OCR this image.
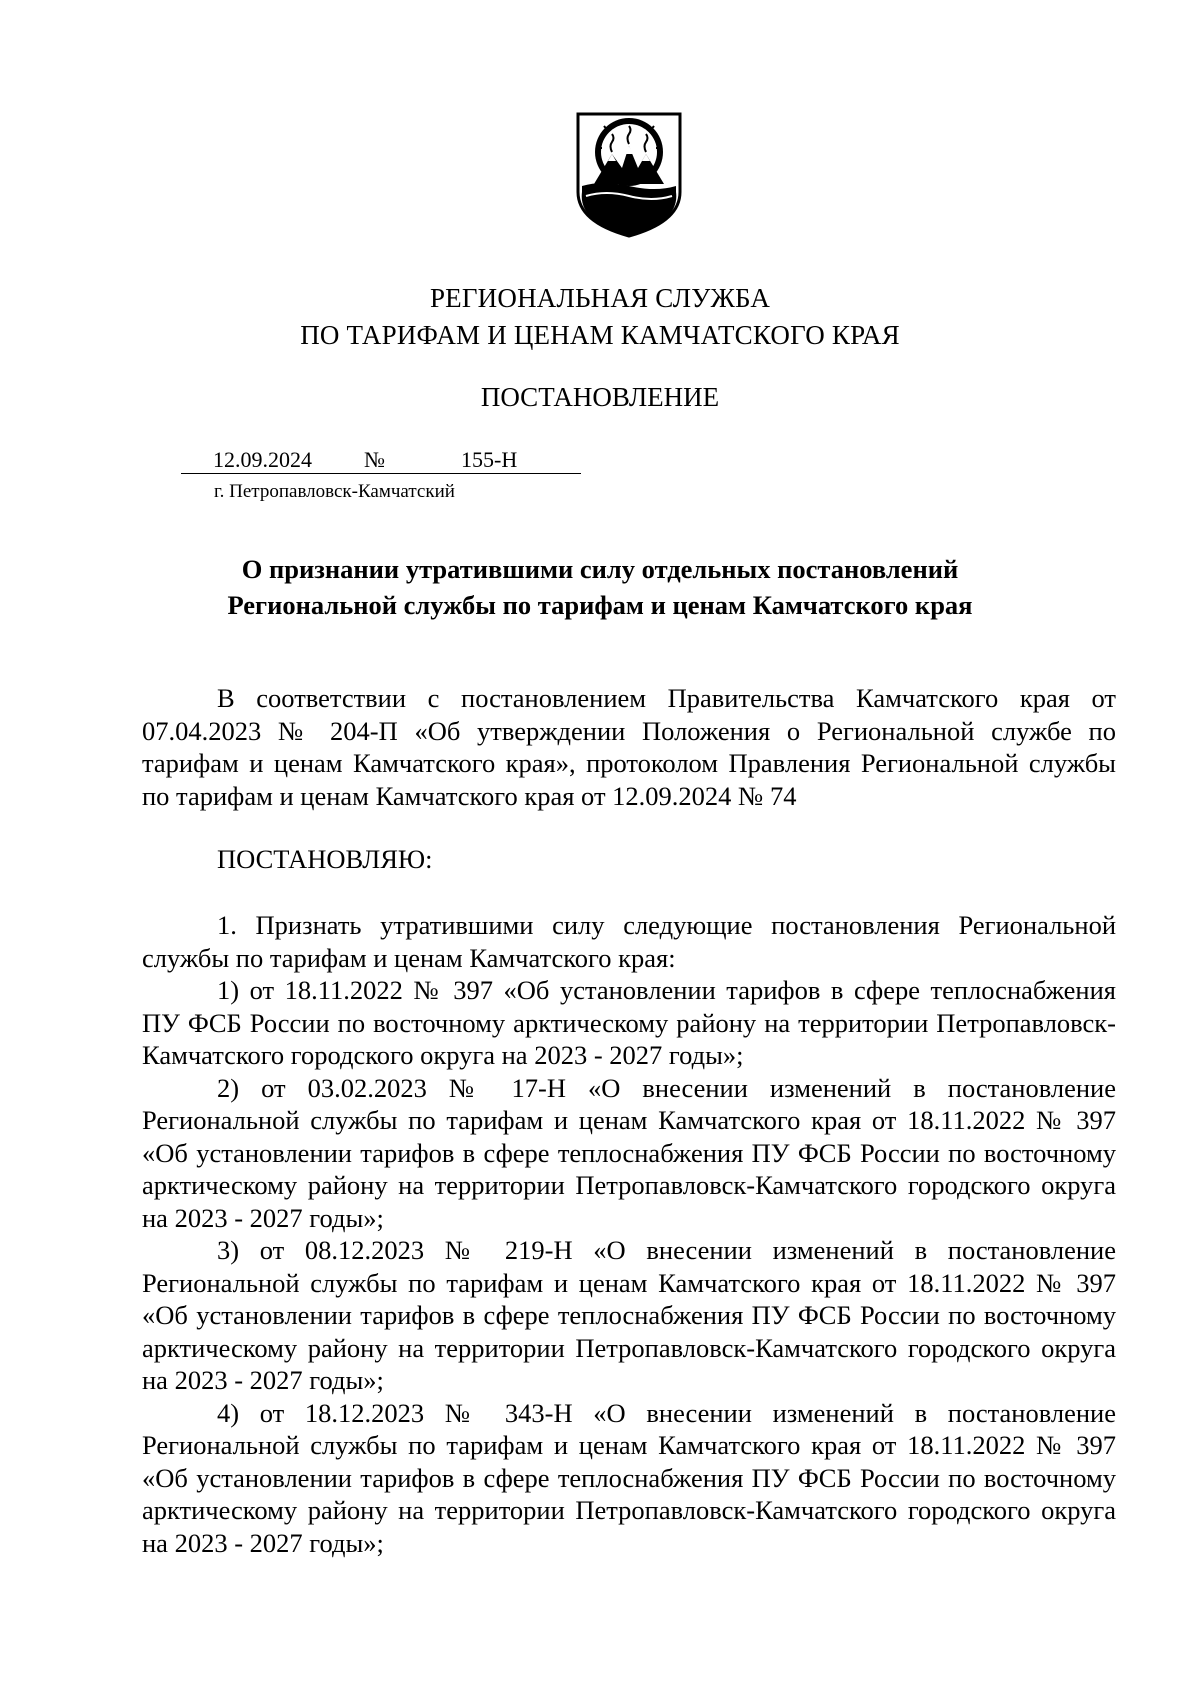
РЕГИОНАЛЬНАЯ СЛУЖБА
ПО ТАРИФАМ И ЦЕНАМ КАМЧАТСКОГО КРАЯ
ПОСТАНОВЛЕНИЕ
12.09.2024 №	155-Н
г. Петропавловск-Камчатский
О признании утратившими силу отдельных постановлений
Региональной службы по тарифам и ценам Камчатского края

В соответствии с постановлением Правительства Камчатского края от 07.04.2023 № 204-П «Об утверждении Положения о Региональной службе по тарифам и ценам Камчатского края», протоколом Правления Региональной службы по тарифам и ценам Камчатского края от 12.09.2024 № 74

ПОСТАНОВЛЯЮ:

1. Признать утратившими силу следующие постановления Региональной службы по тарифам и ценам Камчатского края:

1) от 18.11.2022 № 397 «Об установлении тарифов в сфере теплоснабжения ПУ ФСБ России по восточному арктическому району на территории Петропавловск-Камчатского городского округа на 2023 - 2027 годы»;

2) от 03.02.2023 № 17-Н «О внесении изменений в постановление Региональной службы по тарифам и ценам Камчатского края от 18.11.2022 № 397 «Об установлении тарифов в сфере теплоснабжения ПУ ФСБ России по восточному арктическому району на территории Петропавловск-Камчатского городского округа на 2023 - 2027 годы»;

3) от 08.12.2023 № 219-Н «О внесении изменений в постановление Региональной службы по тарифам и ценам Камчатского края от 18.11.2022 № 397 «Об установлении тарифов в сфере теплоснабжения ПУ ФСБ России по восточному арктическому району на территории Петропавловск-Камчатского городского округа на 2023 - 2027 годы»;

4) от 18.12.2023 № 343-Н «О внесении изменений в постановление Региональной службы по тарифам и ценам Камчатского края от 18.11.2022 № 397 «Об установлении тарифов в сфере теплоснабжения ПУ ФСБ России по восточному арктическому району на территории Петропавловск-Камчатского городского округа на 2023 - 2027 годы»;
